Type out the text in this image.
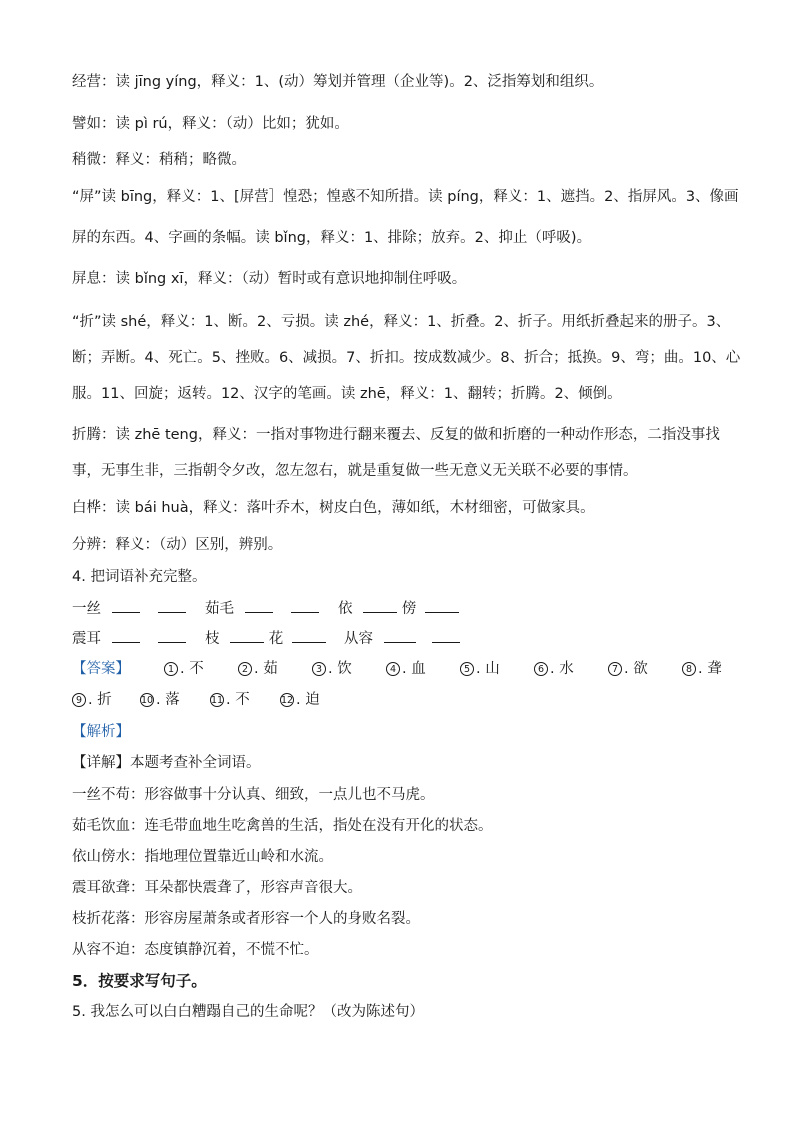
经营：读 jīng yíng，释义：1、(动）筹划并管理（企业等)。2、泛指筹划和组织。
譬如：读 pì rú，释义：（动）比如；犹如。
稍微：释义：稍稍；略微。
“屏”读 bīng，释义：1、[屏营］惶恐；惶惑不知所措。读 píng，释义：1、遮挡。2、指屏风。3、像画
屏的东西。4、字画的条幅。读 bǐng，释义：1、排除；放弃。2、抑止（呼吸)。
屏息：读 bǐng xī，释义：（动）暂时或有意识地抑制住呼吸。
“折”读 shé，释义：1、断。2、亏损。读 zhé，释义：1、折叠。2、折子。用纸折叠起来的册子。3、
断；弄断。4、死亡。5、挫败。6、减损。7、折扣。按成数减少。8、折合；抵换。9、弯；曲。10、心
服。11、回旋；返转。12、汉字的笔画。读 zhē，释义：1、翻转；折腾。2、倾倒。
折腾：读 zhē teng，释义：一指对事物进行翻来覆去、反复的做和折磨的一种动作形态，二指没事找
事，无事生非，三指朝令夕改，忽左忽右，就是重复做一些无意义无关联不必要的事情。
白桦：读 bái huà，释义：落叶乔木，树皮白色，薄如纸，木材细密，可做家具。
分辨：释义：（动）区别，辨别。
4. 把词语补充完整。
一丝	茹毛	依	傍
震耳	枝	花	从容
【答案】	1 . 不	2 . 茹	3 . 饮	4 . 血	5 . 山	6 . 水	7 . 欲	8 . 聋
9 . 折	10 . 落	11 . 不	12 . 迫
【解析】
【详解】本题考查补全词语。
一丝不苟：形容做事十分认真、细致，一点儿也不马虎。
茹毛饮血：连毛带血地生吃禽兽的生活，指处在没有开化的状态。
依山傍水：指地理位置靠近山岭和水流。
震耳欲聋：耳朵都快震聋了，形容声音很大。
枝折花落：形容房屋萧条或者形容一个人的身败名裂。
从容不迫：态度镇静沉着，不慌不忙。
5．按要求写句子。
5. 我怎么可以白白糟蹋自己的生命呢？（改为陈述句）
